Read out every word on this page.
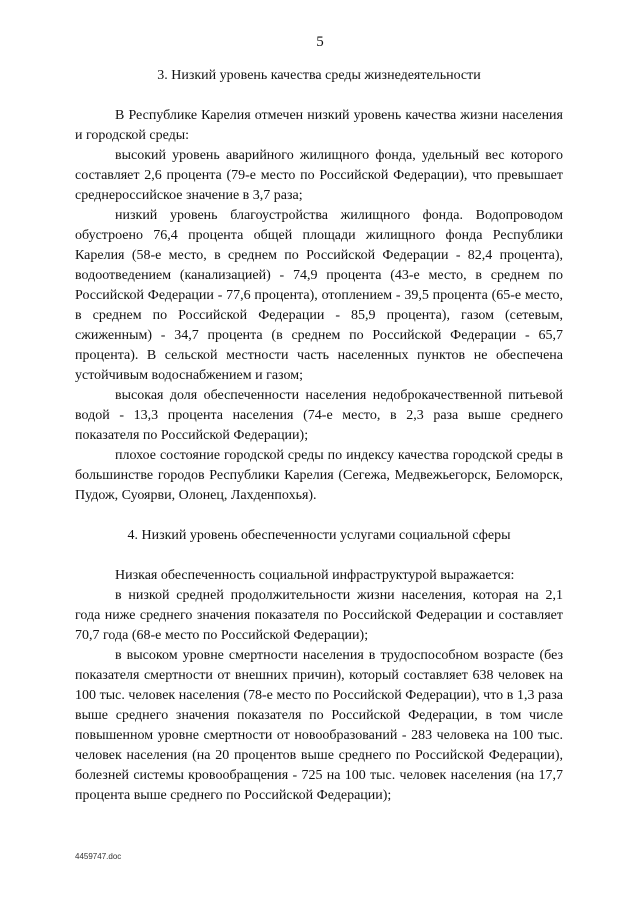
5

3. Низкий уровень качества среды жизнедеятельности

В Республике Карелия отмечен низкий уровень качества жизни населения и городской среды:

высокий уровень аварийного жилищного фонда, удельный вес которого составляет 2,6 процента (79-е место по Российской Федерации), что превышает среднероссийское значение в 3,7 раза;

низкий уровень благоустройства жилищного фонда. Водопроводом обустроено 76,4 процента общей площади жилищного фонда Республики Карелия (58-е место, в среднем по Российской Федерации - 82,4 процента), водоотведением (канализацией) - 74,9 процента (43-е место, в среднем по Российской Федерации - 77,6 процента), отоплением - 39,5 процента (65-е место, в среднем по Российской Федерации - 85,9 процента), газом (сетевым, сжиженным) - 34,7 процента (в среднем по Российской Федерации - 65,7 процента). В сельской местности часть населенных пунктов не обеспечена устойчивым водоснабжением и газом;

высокая доля обеспеченности населения недоброкачественной питьевой водой - 13,3 процента населения (74-е место, в 2,3 раза выше среднего показателя по Российской Федерации);

плохое состояние городской среды по индексу качества городской среды в большинстве городов Республики Карелия (Сегежа, Медвежьегорск, Беломорск, Пудож, Суоярви, Олонец, Лахденпохья).

4. Низкий уровень обеспеченности услугами социальной сферы

Низкая обеспеченность социальной инфраструктурой выражается:

в низкой средней продолжительности жизни населения, которая на 2,1 года ниже среднего значения показателя по Российской Федерации и составляет 70,7 года (68-е место по Российской Федерации);

в высоком уровне смертности населения в трудоспособном возрасте (без показателя смертности от внешних причин), который составляет 638 человек на 100 тыс. человек населения (78-е место по Российской Федерации), что в 1,3 раза выше среднего значения показателя по Российской Федерации, в том числе повышенном уровне смертности от новообразований - 283 человека на 100 тыс. человек населения (на 20 процентов выше среднего по Российской Федерации), болезней системы кровообращения - 725 на 100 тыс. человек населения (на 17,7 процента выше среднего по Российской Федерации);

4459747.doc
